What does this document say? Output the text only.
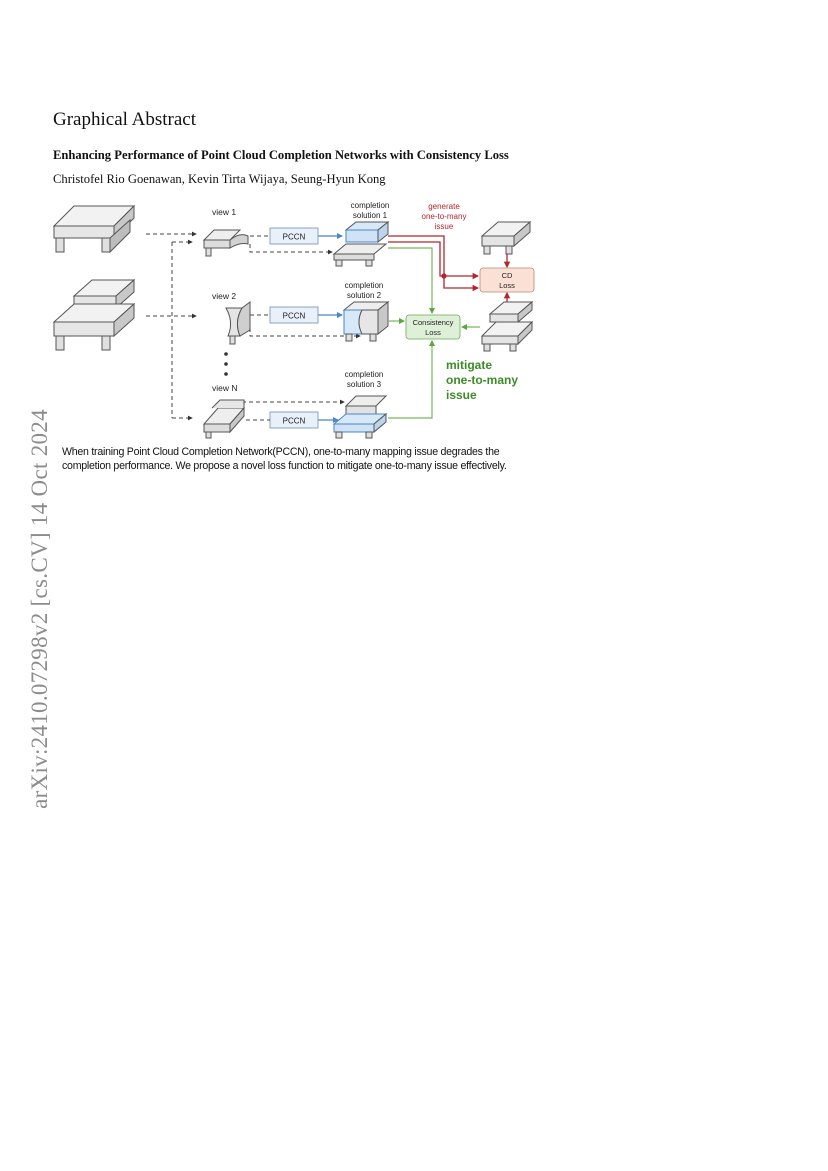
arXiv:2410.07298v2 [cs.CV] 14 Oct 2024
Graphical Abstract
Enhancing Performance of Point Cloud Completion Networks with Consistency Loss
Christofel Rio Goenawan, Kevin Tirta Wijaya, Seung-Hyun Kong
view 1
view 2
view N
PCCN
PCCN
PCCN
completion
solution 1
completion
solution 2
completion
solution 3
generate
one-to-many
issue
CD
Loss
Consistency
Loss
mitigate
one-to-many
issue
When training Point Cloud Completion Network(PCCN), one-to-many mapping issue degrades the
completion performance. We propose a novel loss function to mitigate one-to-many issue effectively.
